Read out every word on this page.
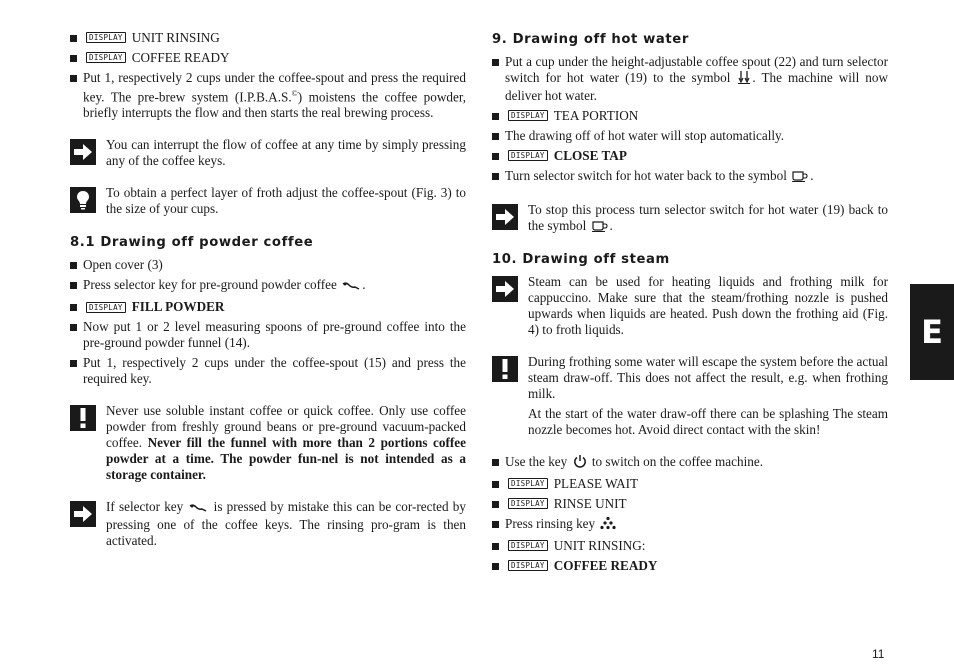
DISPLAY UNIT RINSING
DISPLAY COFFEE READY
Put 1, respectively 2 cups under the coffee-spout and press the required key. The pre-brew system (I.P.B.A.S.©) moistens the coffee powder, briefly interrupts the flow and then starts the real brewing process.

You can interrupt the flow of coffee at any time by simply pressing any of the coffee keys.

To obtain a perfect layer of froth adjust the coffee-spout (Fig. 3) to the size of your cups.

8.1 Drawing off powder coffee
Open cover (3)
Press selector key for pre-ground powder coffee .
DISPLAY FILL POWDER
Now put 1 or 2 level measuring spoons of pre-ground coffee into the pre-ground powder funnel (14).
Put 1, respectively 2 cups under the coffee-spout (15) and press the required key.

Never use soluble instant coffee or quick coffee. Only use coffee powder from freshly ground beans or pre-ground vacuum-packed coffee. Never fill the funnel with more than 2 portions coffee powder at a time. The powder fun-nel is not intended as a storage container.

If selector key is pressed by mistake this can be cor-rected by pressing one of the coffee keys. The rinsing pro-gram is then activated.

9. Drawing off hot water
Put a cup under the height-adjustable coffee spout (22) and turn selector switch for hot water (19) to the symbol . The machine will now deliver hot water.
DISPLAY TEA PORTION
The drawing off of hot water will stop automatically.
DISPLAY CLOSE TAP
Turn selector switch for hot water back to the symbol .

To stop this process turn selector switch for hot water (19) back to the symbol .

10. Drawing off steam

Steam can be used for heating liquids and frothing milk for cappuccino. Make sure that the steam/frothing nozzle is pushed upwards when liquids are heated. Push down the frothing aid (Fig. 4) to froth liquids.

During frothing some water will escape the system before the actual steam draw-off. This does not affect the result, e.g. when frothing milk.

At the start of the water draw-off there can be splashing The steam nozzle becomes hot. Avoid direct contact with the skin!

Use the key to switch on the coffee machine.
DISPLAY PLEASE WAIT
DISPLAY RINSE UNIT
Press rinsing key
DISPLAY UNIT RINSING:
DISPLAY COFFEE READY
E
11
